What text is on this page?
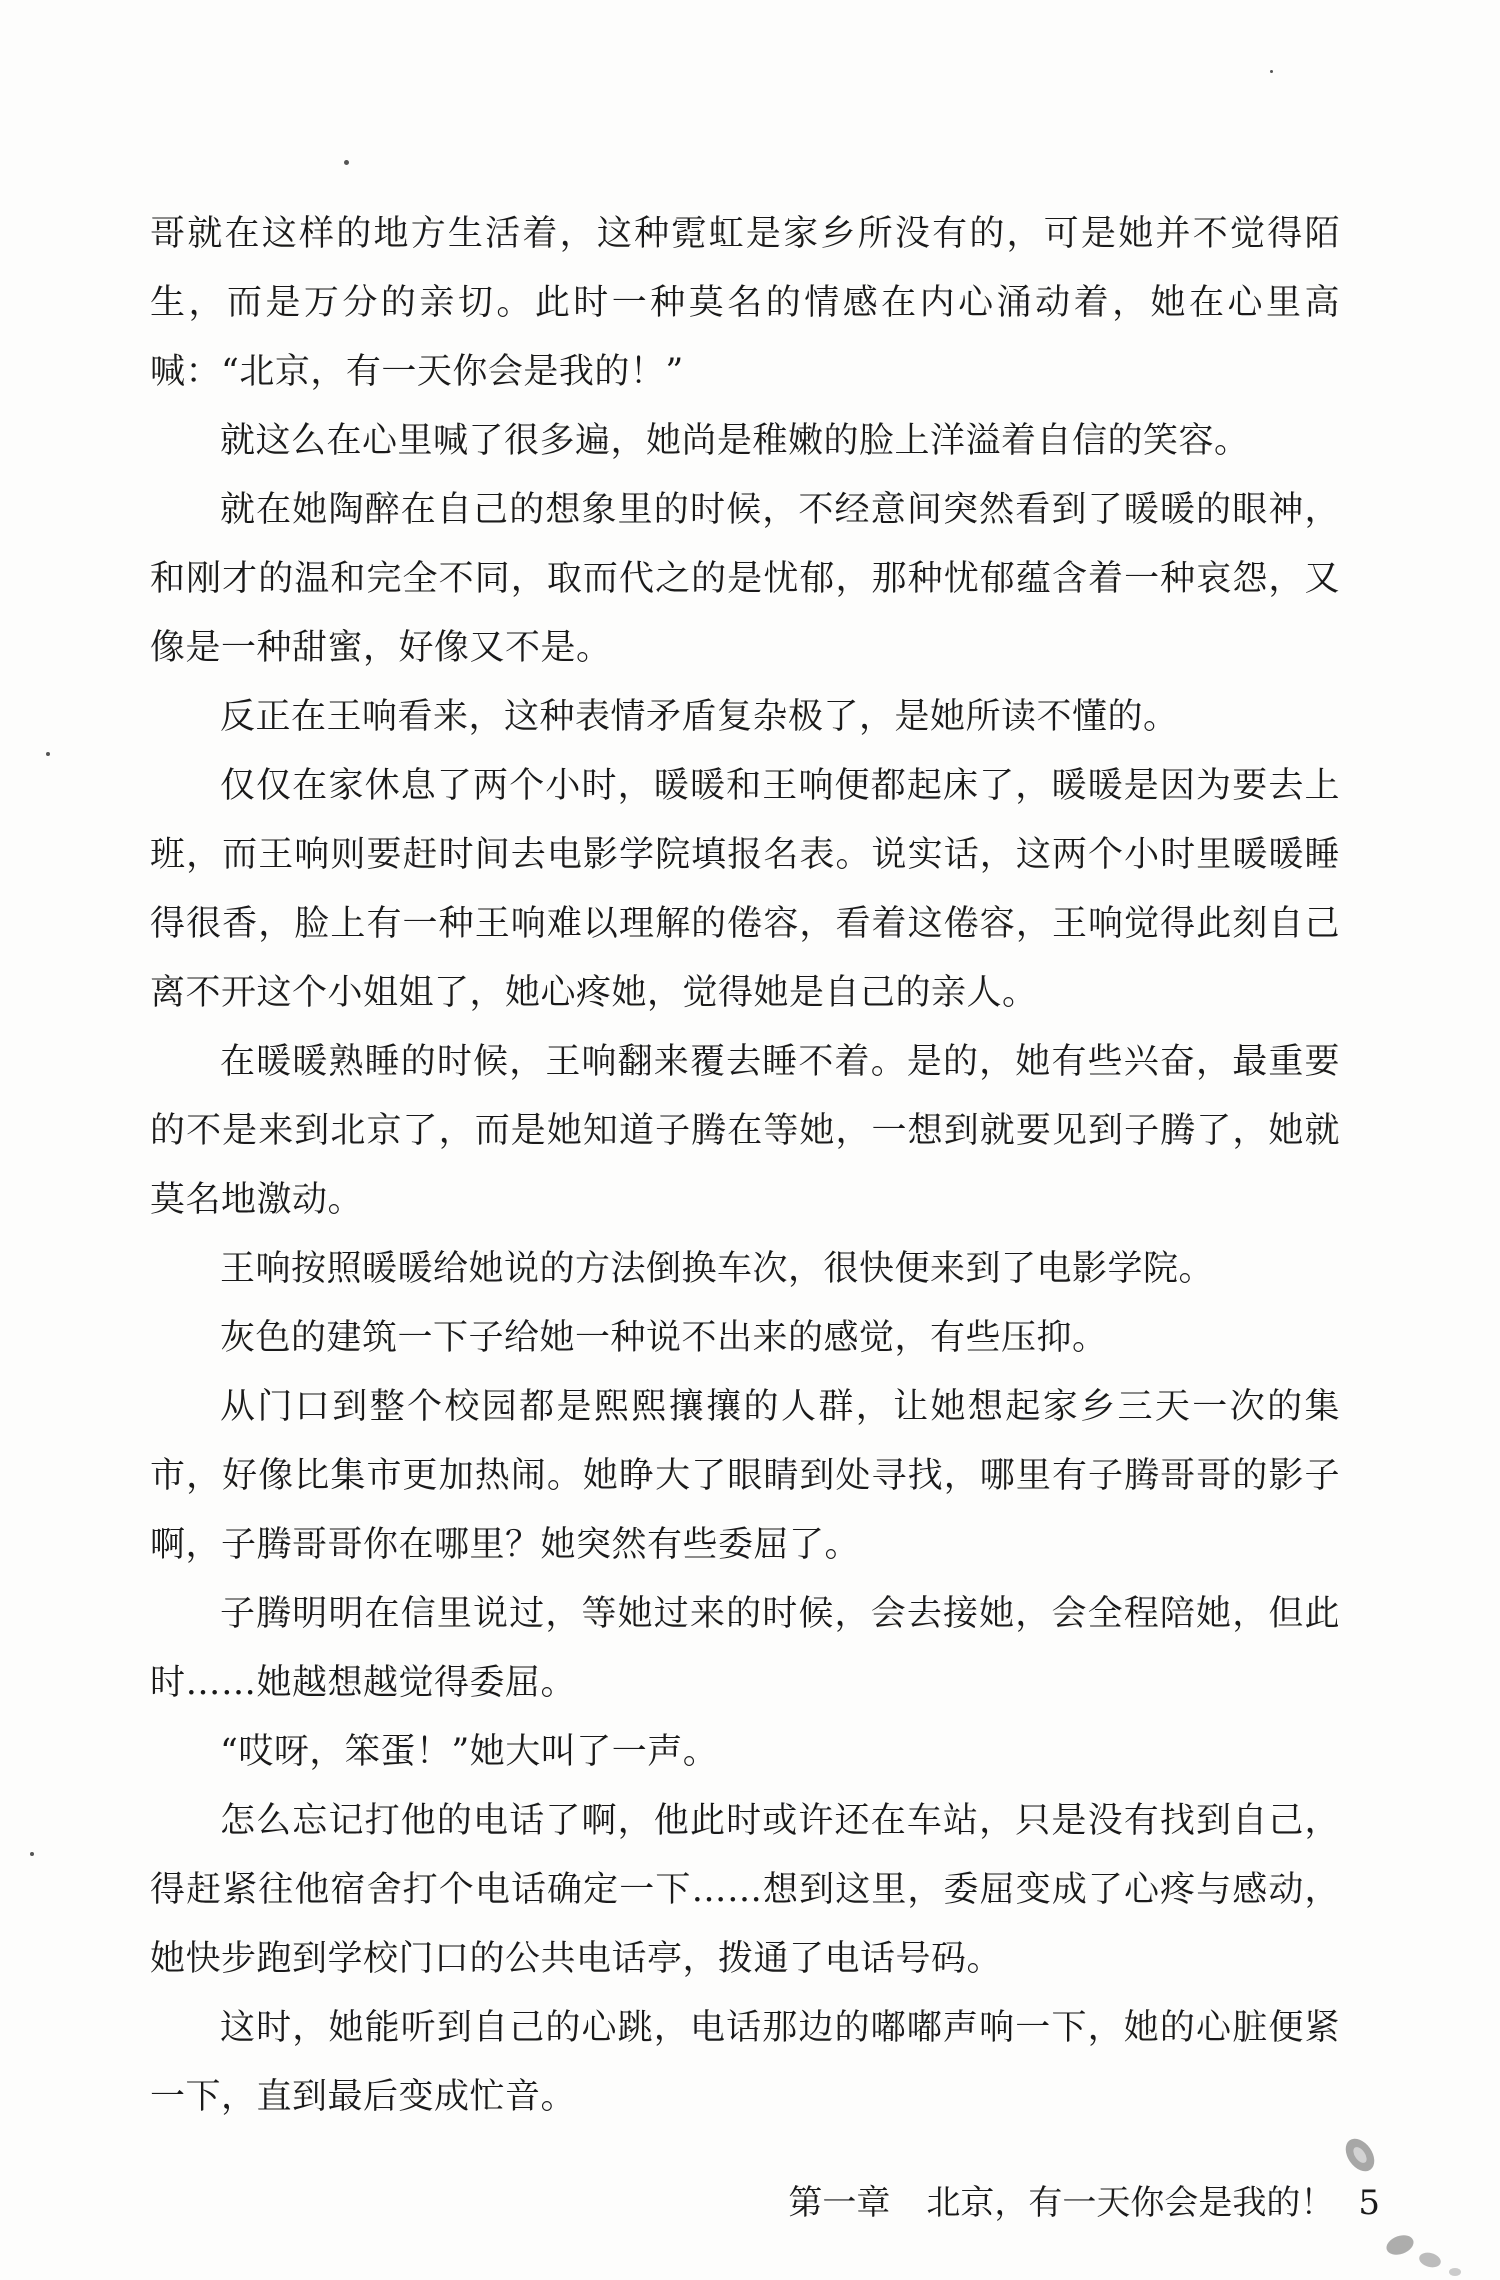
哥就在这样的地方生活着，这种霓虹是家乡所没有的，可是她并不觉得陌生，而是万分的亲切。此时一种莫名的情感在内心涌动着，她在心里高喊：“北京，有一天你会是我的！”

就这么在心里喊了很多遍，她尚是稚嫩的脸上洋溢着自信的笑容。

就在她陶醉在自己的想象里的时候，不经意间突然看到了暖暖的眼神，和刚才的温和完全不同，取而代之的是忧郁，那种忧郁蕴含着一种哀怨，又像是一种甜蜜，好像又不是。

反正在王响看来，这种表情矛盾复杂极了，是她所读不懂的。

仅仅在家休息了两个小时，暖暖和王响便都起床了，暖暖是因为要去上班，而王响则要赶时间去电影学院填报名表。说实话，这两个小时里暖暖睡得很香，脸上有一种王响难以理解的倦容，看着这倦容，王响觉得此刻自己离不开这个小姐姐了，她心疼她，觉得她是自己的亲人。

在暖暖熟睡的时候，王响翻来覆去睡不着。是的，她有些兴奋，最重要的不是来到北京了，而是她知道子腾在等她，一想到就要见到子腾了，她就莫名地激动。

王响按照暖暖给她说的方法倒换车次，很快便来到了电影学院。

灰色的建筑一下子给她一种说不出来的感觉，有些压抑。

从门口到整个校园都是熙熙攘攘的人群，让她想起家乡三天一次的集市，好像比集市更加热闹。她睁大了眼睛到处寻找，哪里有子腾哥哥的影子啊，子腾哥哥你在哪里？她突然有些委屈了。

子腾明明在信里说过，等她过来的时候，会去接她，会全程陪她，但此时……她越想越觉得委屈。

“哎呀，笨蛋！”她大叫了一声。

怎么忘记打他的电话了啊，他此时或许还在车站，只是没有找到自己，得赶紧往他宿舍打个电话确定一下……想到这里，委屈变成了心疼与感动，她快步跑到学校门口的公共电话亭，拨通了电话号码。

这时，她能听到自己的心跳，电话那边的嘟嘟声响一下，她的心脏便紧一下，直到最后变成忙音。

第一章 北京，有一天你会是我的！ 5
